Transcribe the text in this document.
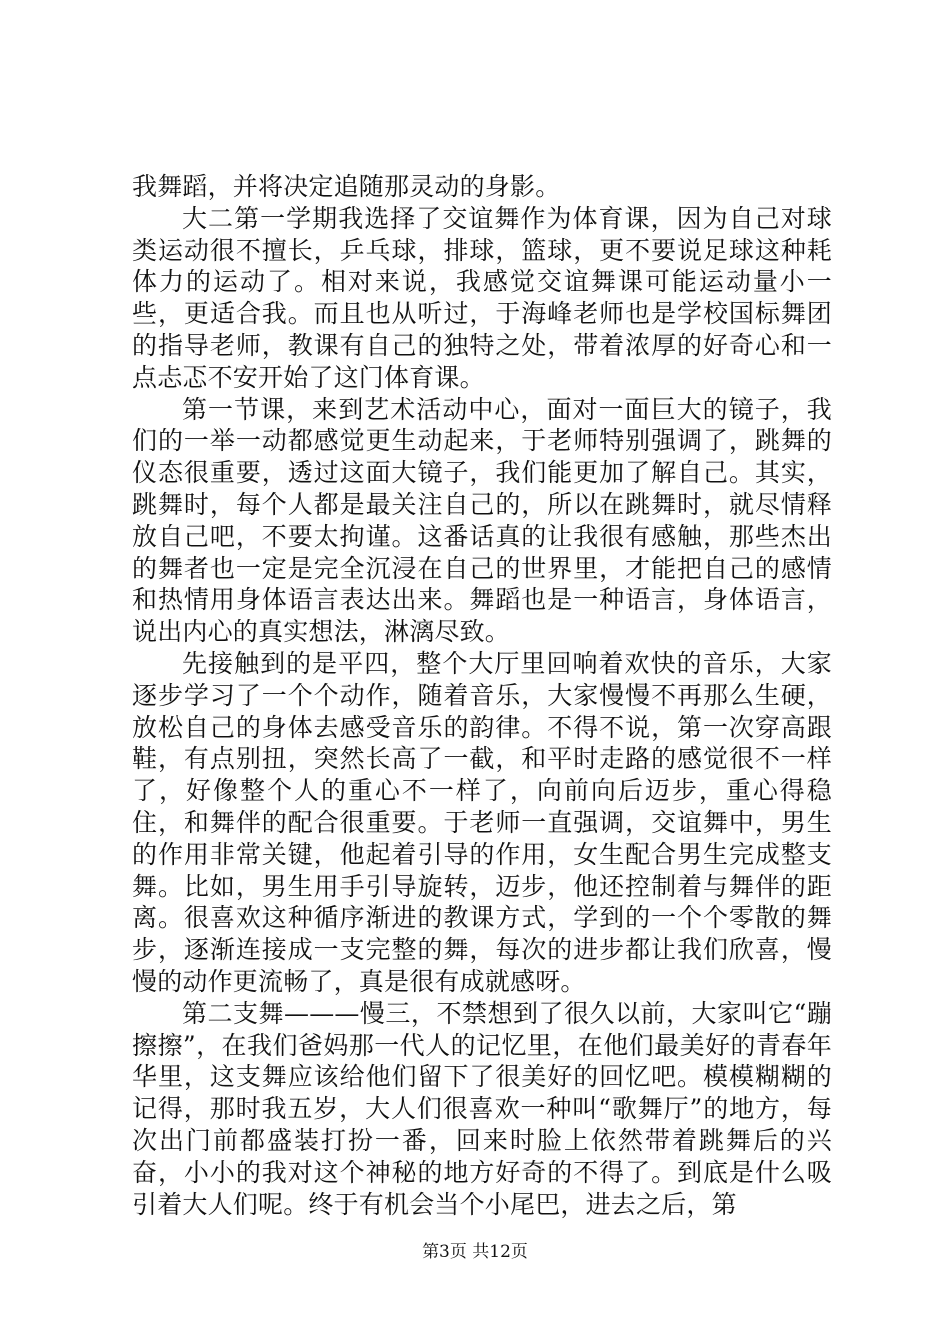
我舞蹈，并将决定追随那灵动的身影。

大二第一学期我选择了交谊舞作为体育课，因为自己对球类运动很不擅长，乒乓球，排球，篮球，更不要说足球这种耗体力的运动了。相对来说，我感觉交谊舞课可能运动量小一些，更适合我。而且也从听过，于海峰老师也是学校国标舞团的指导老师，教课有自己的独特之处，带着浓厚的好奇心和一点忐忑不安开始了这门体育课。

第一节课，来到艺术活动中心，面对一面巨大的镜子，我们的一举一动都感觉更生动起来，于老师特别强调了，跳舞的仪态很重要，透过这面大镜子，我们能更加了解自己。其实，跳舞时，每个人都是最关注自己的，所以在跳舞时，就尽情释放自己吧，不要太拘谨。这番话真的让我很有感触，那些杰出的舞者也一定是完全沉浸在自己的世界里，才能把自己的感情和热情用身体语言表达出来。舞蹈也是一种语言，身体语言，说出内心的真实想法，淋漓尽致。

先接触到的是平四，整个大厅里回响着欢快的音乐，大家逐步学习了一个个动作，随着音乐，大家慢慢不再那么生硬，放松自己的身体去感受音乐的韵律。不得不说，第一次穿高跟鞋，有点别扭，突然长高了一截，和平时走路的感觉很不一样了，好像整个人的重心不一样了，向前向后迈步，重心得稳住，和舞伴的配合很重要。于老师一直强调，交谊舞中，男生的作用非常关键，他起着引导的作用，女生配合男生完成整支舞。比如，男生用手引导旋转，迈步，他还控制着与舞伴的距离。很喜欢这种循序渐进的教课方式，学到的一个个零散的舞步，逐渐连接成一支完整的舞，每次的进步都让我们欣喜，慢慢的动作更流畅了，真是很有成就感呀。

第二支舞———慢三，不禁想到了很久以前，大家叫它“蹦擦擦”，在我们爸妈那一代人的记忆里，在他们最美好的青春年华里，这支舞应该给他们留下了很美好的回忆吧。模模糊糊的记得，那时我五岁，大人们很喜欢一种叫“歌舞厅”的地方，每次出门前都盛装打扮一番，回来时脸上依然带着跳舞后的兴奋，小小的我对这个神秘的地方好奇的不得了。到底是什么吸引着大人们呢。终于有机会当个小尾巴，进去之后，第

第3页 共12页
